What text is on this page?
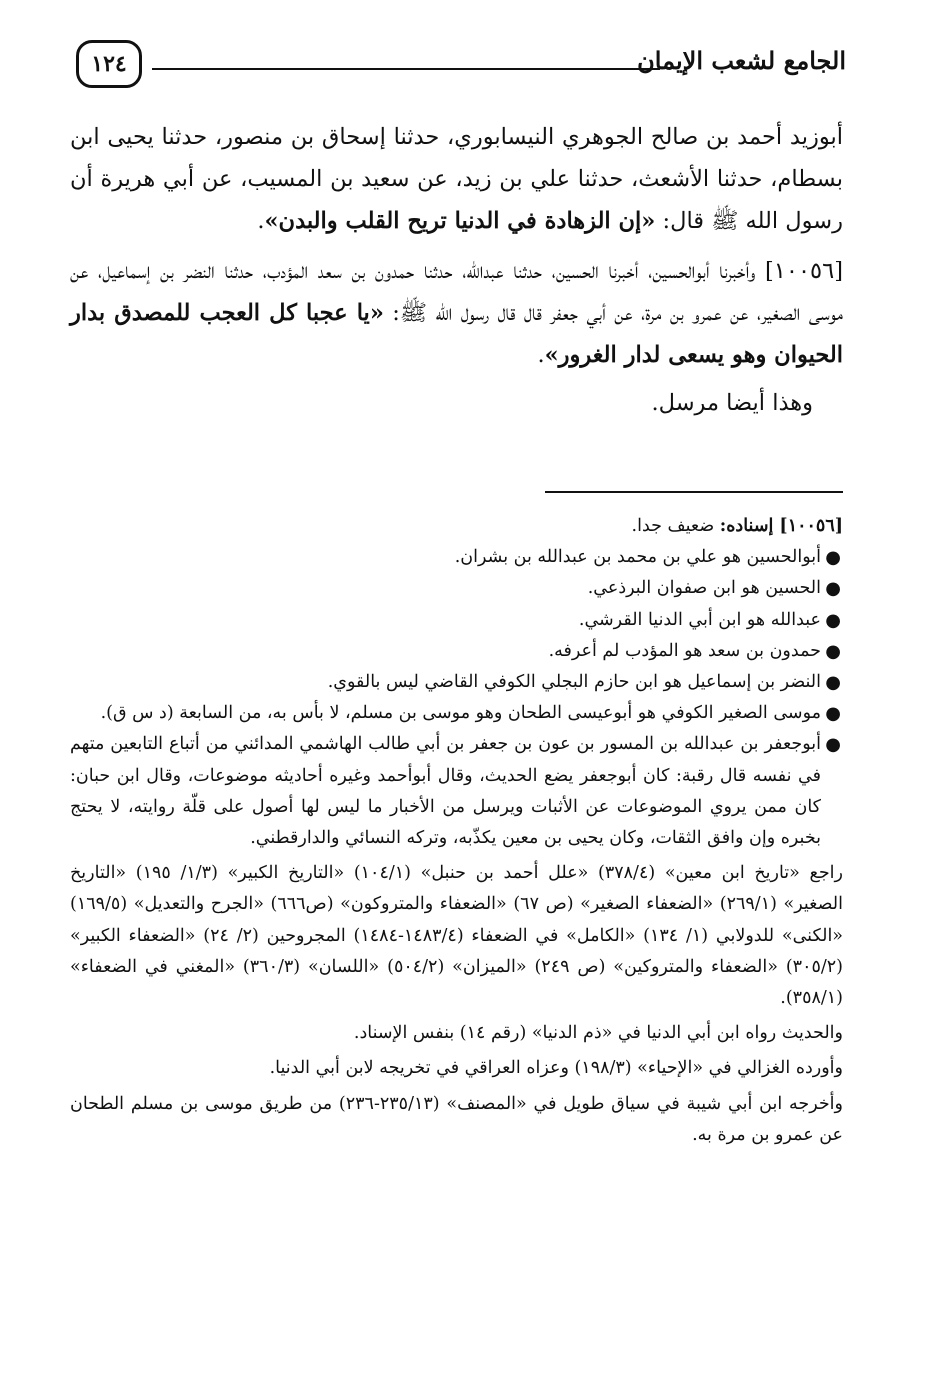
١٢٤	الجامع لشعب الإيمان

أبوزيد أحمد بن صالح الجوهري النيسابوري، حدثنا إسحاق بن منصور، حدثنا يحيى ابن بسطام، حدثنا الأشعث، حدثنا علي بن زيد، عن سعيد بن المسيب، عن أبي هريرة أن رسول الله ﷺ قال: «إن الزهادة في الدنيا تريح القلب والبدن».

[١٠٠٥٦] وأخبرنا أبوالحسين، أخبرنا الحسين، حدثنا عبدالله، حدثنا حمدون بن سعد المؤدب، حدثنا النضر بن إسماعيل، عن موسى الصغير، عن عمرو بن مرة، عن أبي جعفر قال قال رسول الله ﷺ: «يا عجبا كل العجب للمصدق بدار الحيوان وهو يسعى لدار الغرور».

وهذا أيضا مرسل.

[١٠٠٥٦] إسناده: ضعيف جدا.

●
أبوالحسين هو علي بن محمد بن عبدالله بن بشران.
●
الحسين هو ابن صفوان البرذعي.
●
عبدالله هو ابن أبي الدنيا القرشي.
●
حمدون بن سعد هو المؤدب لم أعرفه.
●
النضر بن إسماعيل هو ابن حازم البجلي الكوفي القاضي ليس بالقوي.
●
موسى الصغير الكوفي هو أبوعيسى الطحان وهو موسى بن مسلم، لا بأس به، من السابعة (د س ق).
●
أبوجعفر بن عبدالله بن المسور بن عون بن جعفر بن أبي طالب الهاشمي المدائني من أتباع التابعين متهم في نفسه قال رقبة: كان أبوجعفر يضع الحديث، وقال أبوأحمد وغيره أحاديثه موضوعات، وقال ابن حبان: كان ممن يروي الموضوعات عن الأثبات ويرسل من الأخبار ما ليس لها أصول على قلّة روايته، لا يحتج بخبره وإن وافق الثقات، وكان يحيى بن معين يكذّبه، وتركه النسائي والدارقطني.

راجع «تاريخ ابن معين» (٣٧٨/٤) «علل أحمد بن حنبل» (١٠٤/١) «التاريخ الكبير» (١/٣/ ١٩٥) «التاريخ الصغير» (٢٦٩/١) «الضعفاء الصغير» (ص ٦٧) «الضعفاء والمتروكون» (ص٦٦٦) «الجرح والتعديل» (١٦٩/٥) «الكنى» للدولابي (١/ ١٣٤) «الكامل» في الضعفاء (١٤٨٣/٤-١٤٨٤) المجروحين (٢/ ٢٤) «الضعفاء الكبير» (٣٠٥/٢) «الضعفاء والمتروكين» (ص ٢٤٩) «الميزان» (٥٠٤/٢) «اللسان» (٣٦٠/٣) «المغني في الضعفاء» (٣٥٨/١).

والحديث رواه ابن أبي الدنيا في «ذم الدنيا» (رقم ١٤) بنفس الإسناد.

وأورده الغزالي في «الإحياء» (١٩٨/٣) وعزاه العراقي في تخريجه لابن أبي الدنيا.

وأخرجه ابن أبي شيبة في سياق طويل في «المصنف» (٢٣٥/١٣-٢٣٦) من طريق موسى بن مسلم الطحان عن عمرو بن مرة به.
